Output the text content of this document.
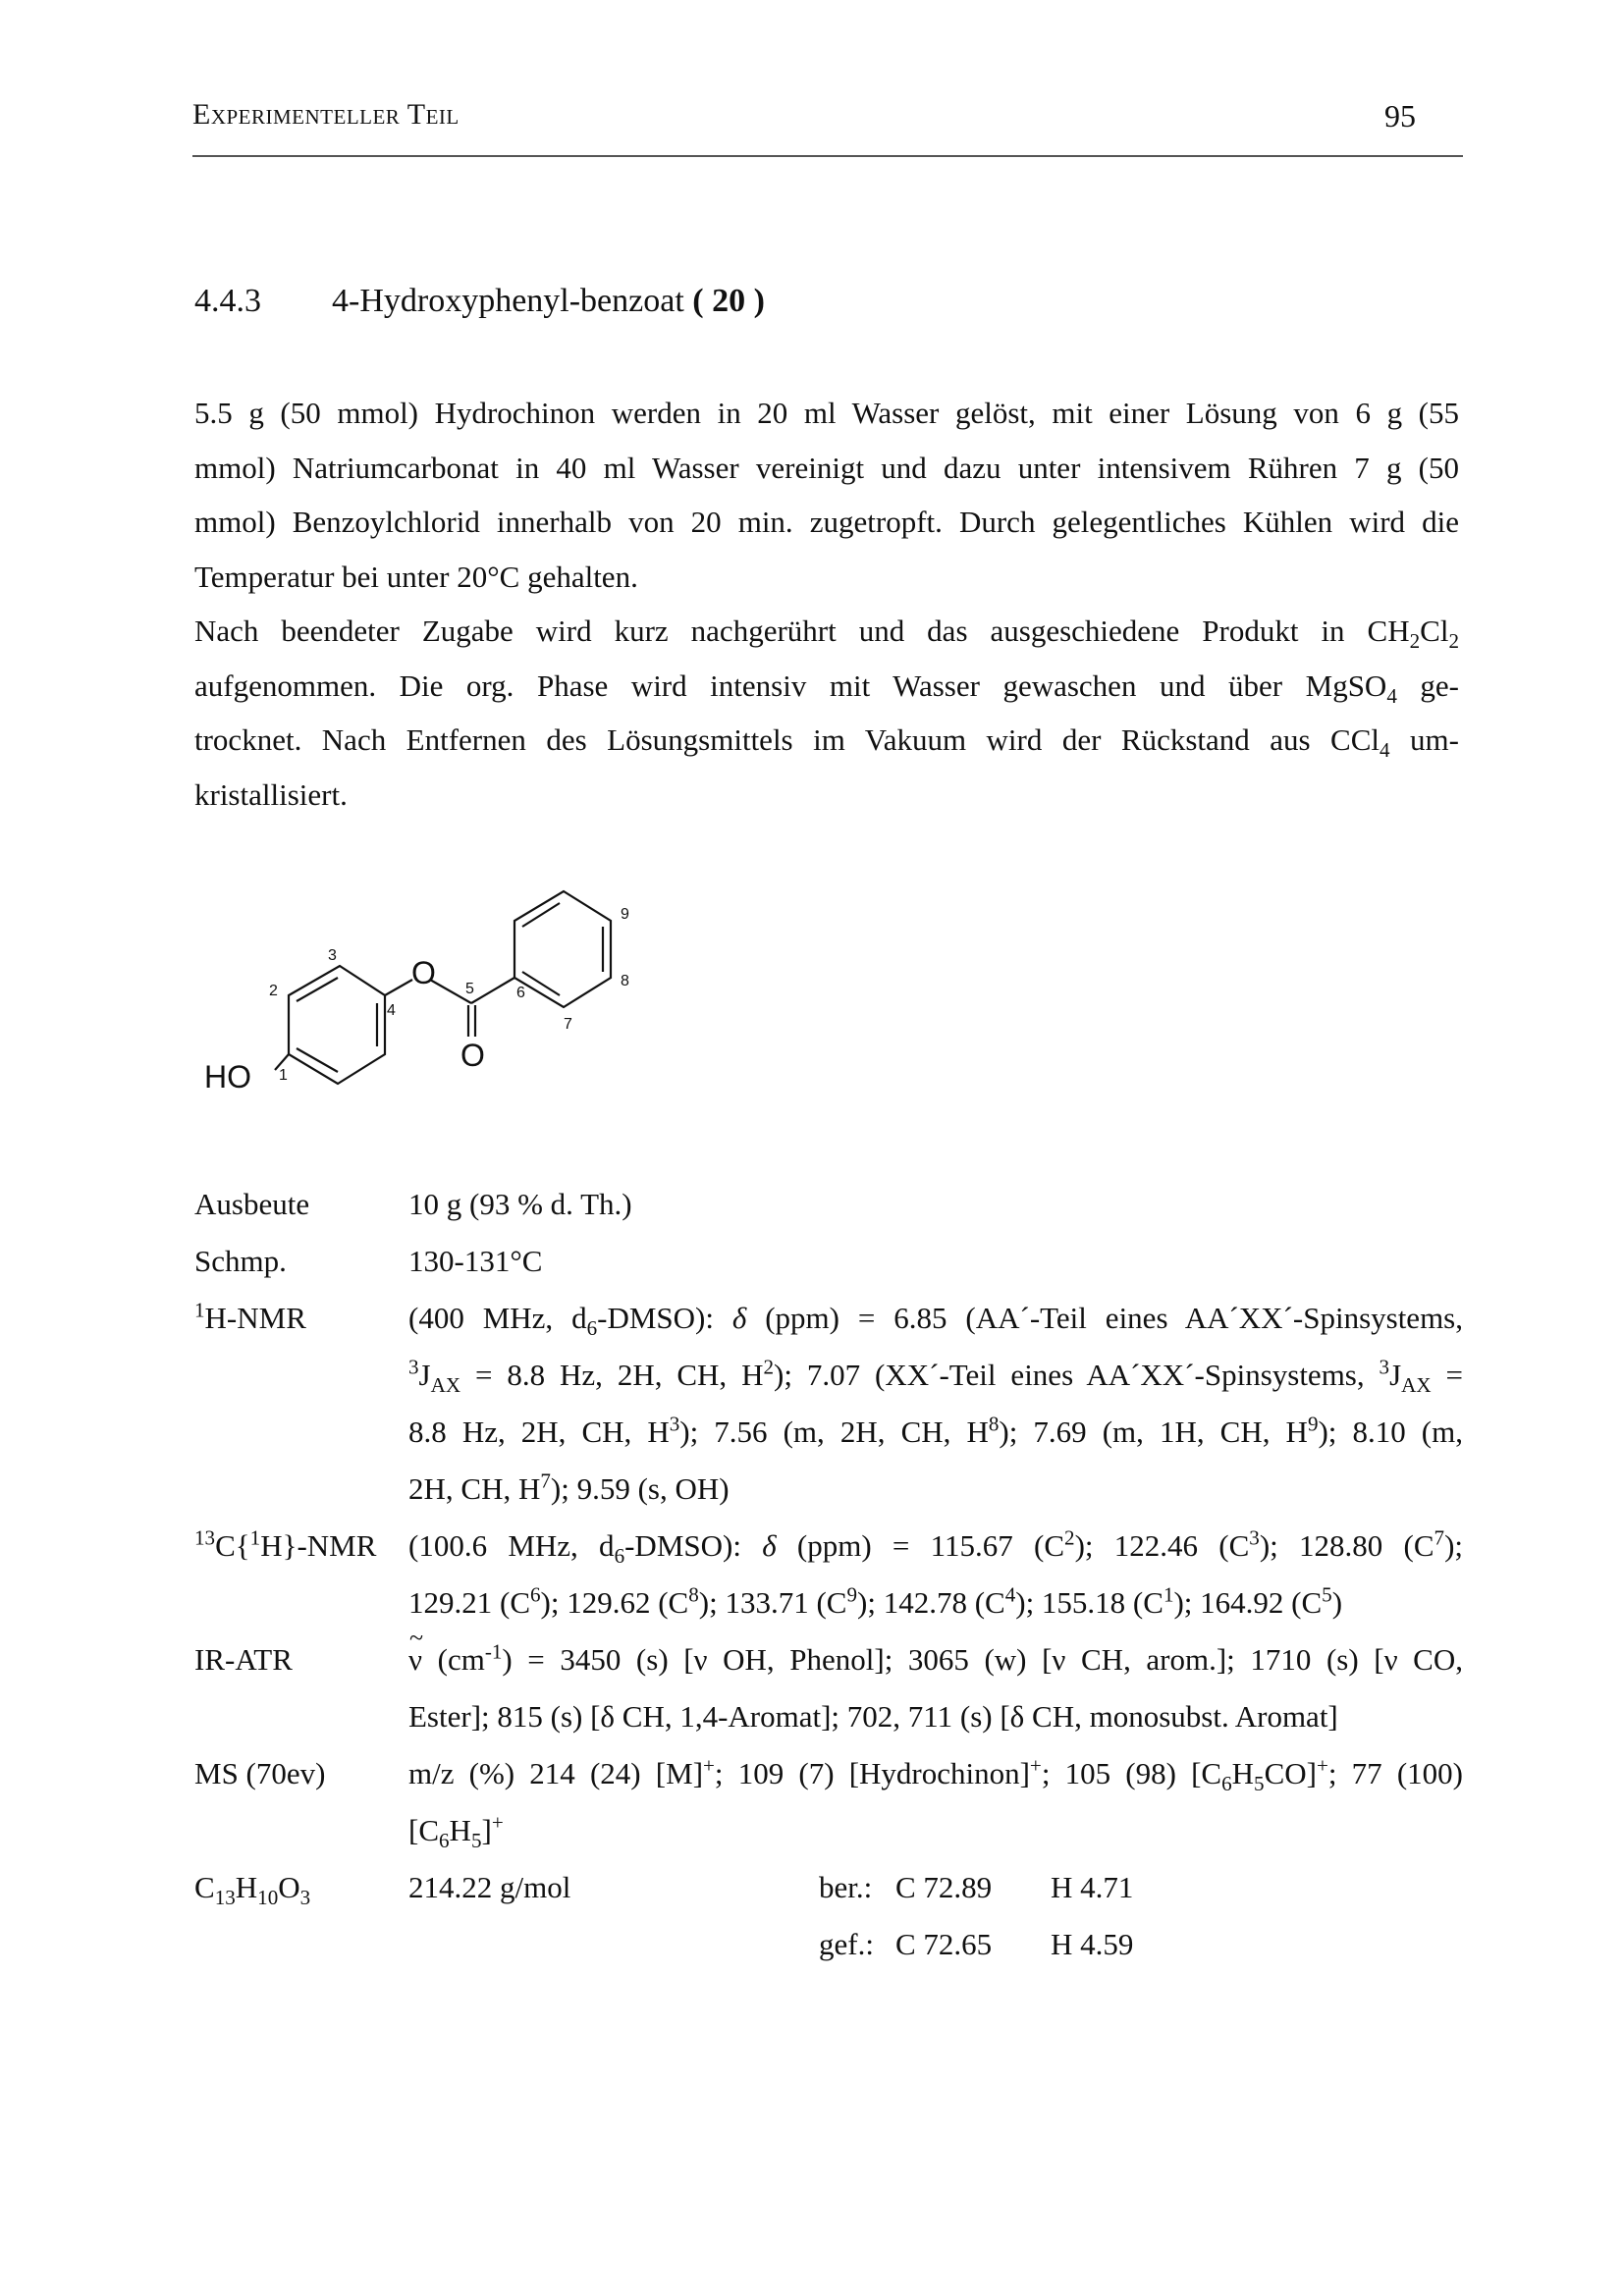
Experimenteller Teil	95
4.4.3 4-Hydroxyphenyl-benzoat ( 20 )
5.5 g (50 mmol) Hydrochinon werden in 20 ml Wasser gelöst, mit einer Lösung von 6 g (55
mmol) Natriumcarbonat in 40 ml Wasser vereinigt und dazu unter intensivem Rühren 7 g (50
mmol) Benzoylchlorid innerhalb von 20 min. zugetropft. Durch gelegentliches Kühlen wird die
Temperatur bei unter 20°C gehalten.
Nach beendeter Zugabe wird kurz nachgerührt und das ausgeschiedene Produkt in $CH_2Cl_2$
aufgenommen. Die org. Phase wird intensiv mit Wasser gewaschen und über MgSO$_4$ ge-
trocknet. Nach Entfernen des Lösungsmittels im Vakuum wird der Rückstand aus CCl$_4$ um-
kristallisiert.
HO
O
O
1
2
3
4
5	6
7
8
9
Ausbeute	10 g (93 % d. Th.)
Schmp.	130-131°C
$^1$H-NMR	(400 MHz, $d_6-DMSO$): δ (ppm) = 6.85 (AA´-Teil eines AA´XX´-Spinsystems,
$^3J_{AX} = 8.8$ Hz, 2H, CH, $H^2$); 7.07 (XX´-Teil eines AA´XX´-Spinsystems, $^3J_{AX}$ =
8.8 Hz, 2H, CH, $H^3$); 7.56 (m, 2H, CH, $H^8$); 7.69 (m, 1H, CH, $H^9$); 8.10 (m,
2H, CH, $H^7$); 9.59 (s, OH)
$^{13}$C{$^1$H}-NMR (100.6 MHz, $d_6-DMSO$): δ (ppm) = 115.67 $(C^2)$; 122.46 $(C^3)$; 128.80 $(C^7)$;
129.21 $(C^6)$; 129.62 $(C^8)$; 133.71 $(C^9)$; 142.78 $(C^4)$; 155.18 $(C^1)$; 164.92 $(C^5)$
IR-ATR
~	ν $(cm^{-1}) = 3450$ (s) [ν OH, Phenol]; 3065 (w) [ν CH, arom.]; 1710 (s) [ν CO,
Ester]; 815 (s) [δ CH, 1,4-Aromat]; 702, 711 (s) [δ CH, monosubst. Aromat]
MS (70ev)	m/z (%) 214 (24) [M]+; 109 (7) [Hydrochinon]+; 105 (98) $[C_6H_5CO]^+$; 77 (100)
$[C_6H_5]^+$
$C_{13}H_{10}O_3$	214.22 g/mol	ber.: C 72.89 H 4.71
gef.: C 72.65 H 4.59
